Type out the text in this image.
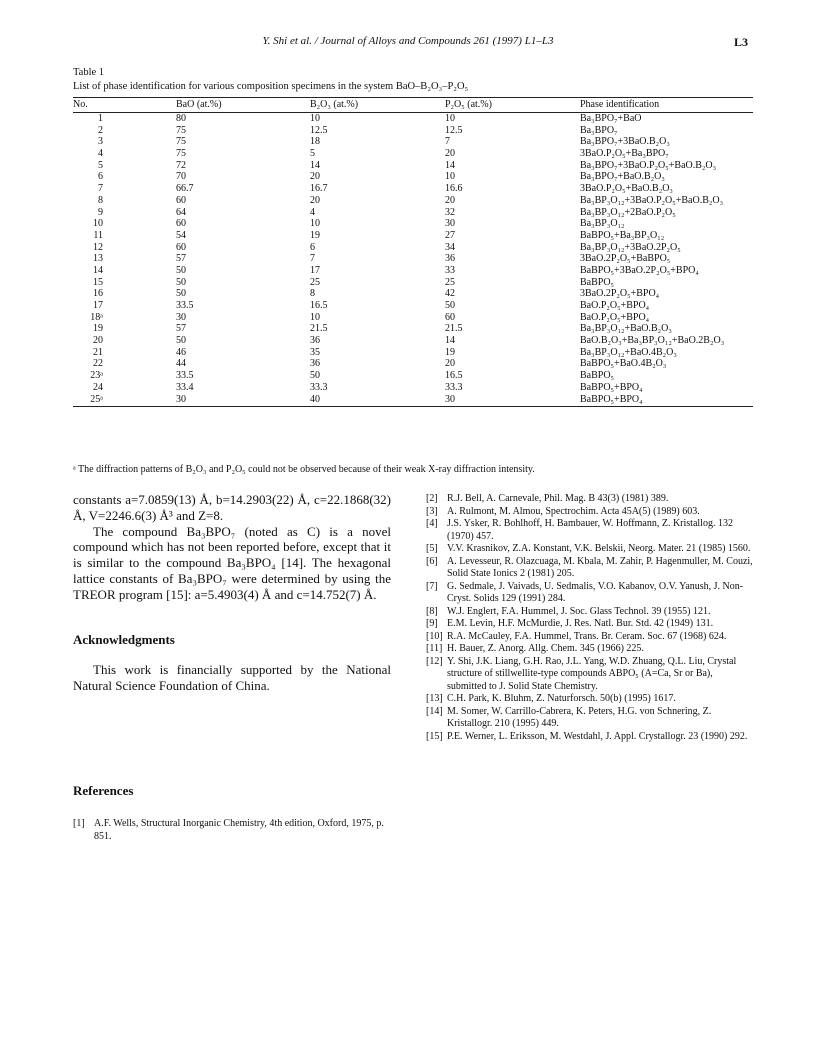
Y. Shi et al. / Journal of Alloys and Compounds 261 (1997) L1–L3	L3
Table 1
List of phase identification for various composition specimens in the system BaO–B₂O₃–P₂O₅
No.	BaO (at.%)	B₂O₃ (at.%)	P₂O₅ (at.%)	Phase identification
1	80	10	10	Ba₃BPO₇+BaO
2	75	12.5	12.5	Ba₃BPO₇
3	75	18	7	Ba₃BPO₇+3BaO.B₂O₃
4	75	5	20	3BaO.P₂O₅+Ba₃BPO₇
5	72	14	14	Ba₃BPO₇+3BaO.P₂O₅+BaO.B₂O₃
6	70	20	10	Ba₃BPO₇+BaO.B₂O₃
7	66.7	16.7	16.6	3BaO.P₂O₅+BaO.B₂O₃
8	60	20	20	Ba₃BP₃O₁₂+3BaO.P₂O₅+BaO.B₂O₃
9	64	4	32	Ba₃BP₃O₁₂+2BaO.P₂O₅
10	60	10	30	Ba₃BP₃O₁₂
11	54	19	27	BaBPO₅+Ba₃BP₃O₁₂
12	60	6	34	Ba₃BP₃O₁₂+3BaO.2P₂O₅
13	57	7	36	3BaO.2P₂O₅+BaBPO₅
14	50	17	33	BaBPO₅+3BaO.2P₂O₅+BPO₄
15	50	25	25	BaBPO₅
16	50	8	42	3BaO.2P₂O₅+BPO₄
17	33.5	16.5	50	BaO.P₂O₅+BPO₄
18ᵃ	30	10	60	BaO.P₂O₅+BPO₄
19	57	21.5	21.5	Ba₃BP₃O₁₂+BaO.B₂O₃
20	50	36	14	BaO.B₂O₃+Ba₃BP₃O₁₂+BaO.2B₂O₃
21	46	35	19	Ba₃BP₃O₁₂+BaO.4B₂O₃
22	44	36	20	BaBPO₅+BaO.4B₂O₃
23ᵃ	33.5	50	16.5	BaBPO₅
24	33.4	33.3	33.3	BaBPO₅+BPO₄
25ᵃ	30	40	30	BaBPO₅+BPO₄
ᵃ The diffraction patterns of B₂O₃ and P₂O₅ could not be observed because of their weak X-ray diffraction intensity.

constants a=7.0859(13) Å, b=14.2903(22) Å, c=22.1868(32) Å, V=2246.6(3) Å³ and Z=8.

The compound Ba₃BPO₇ (noted as C) is a novel compound which has not been reported before, except that it is similar to the compound Ba₃BPO₄ [14]. The hexagonal lattice constants of Ba₃BPO₇ were determined by using the TREOR program [15]: a=5.4903(4) Å and c=14.752(7) Å.

Acknowledgments
This work is financially supported by the National Natural Science Foundation of China.
References
[1] A.F. Wells, Structural Inorganic Chemistry, 4th edition, Oxford, 1975, p. 851.
[2] R.J. Bell, A. Carnevale, Phil. Mag. B 43(3) (1981) 389.
[3] A. Rulmont, M. Almou, Spectrochim. Acta 45A(5) (1989) 603.
[4] J.S. Ysker, R. Bohlhoff, H. Bambauer, W. Hoffmann, Z. Kristallog. 132 (1970) 457.
[5] V.V. Krasnikov, Z.A. Konstant, V.K. Belskii, Neorg. Mater. 21 (1985) 1560.
[6] A. Levesseur, R. Olazcuaga, M. Kbala, M. Zahir, P. Hagenmuller, M. Couzi, Solid State Ionics 2 (1981) 205.
[7] G. Sedmale, J. Vaivads, U. Sedmalis, V.O. Kabanov, O.V. Yanush, J. Non-Cryst. Solids 129 (1991) 284.
[8] W.J. Englert, F.A. Hummel, J. Soc. Glass Technol. 39 (1955) 121.
[9] E.M. Levin, H.F. McMurdie, J. Res. Natl. Bur. Std. 42 (1949) 131.
[10] R.A. McCauley, F.A. Hummel, Trans. Br. Ceram. Soc. 67 (1968) 624.
[11] H. Bauer, Z. Anorg. Allg. Chem. 345 (1966) 225.
[12] Y. Shi, J.K. Liang, G.H. Rao, J.L. Yang, W.D. Zhuang, Q.L. Liu, Crystal structure of stillwellite-type compounds ABPO₅ (A=Ca, Sr or Ba), submitted to J. Solid State Chemistry.
[13] C.H. Park, K. Bluhm, Z. Naturforsch. 50(b) (1995) 1617.
[14] M. Somer, W. Carrillo-Cabrera, K. Peters, H.G. von Schnering, Z. Kristallogr. 210 (1995) 449.
[15] P.E. Werner, L. Eriksson, M. Westdahl, J. Appl. Crystallogr. 23 (1990) 292.
